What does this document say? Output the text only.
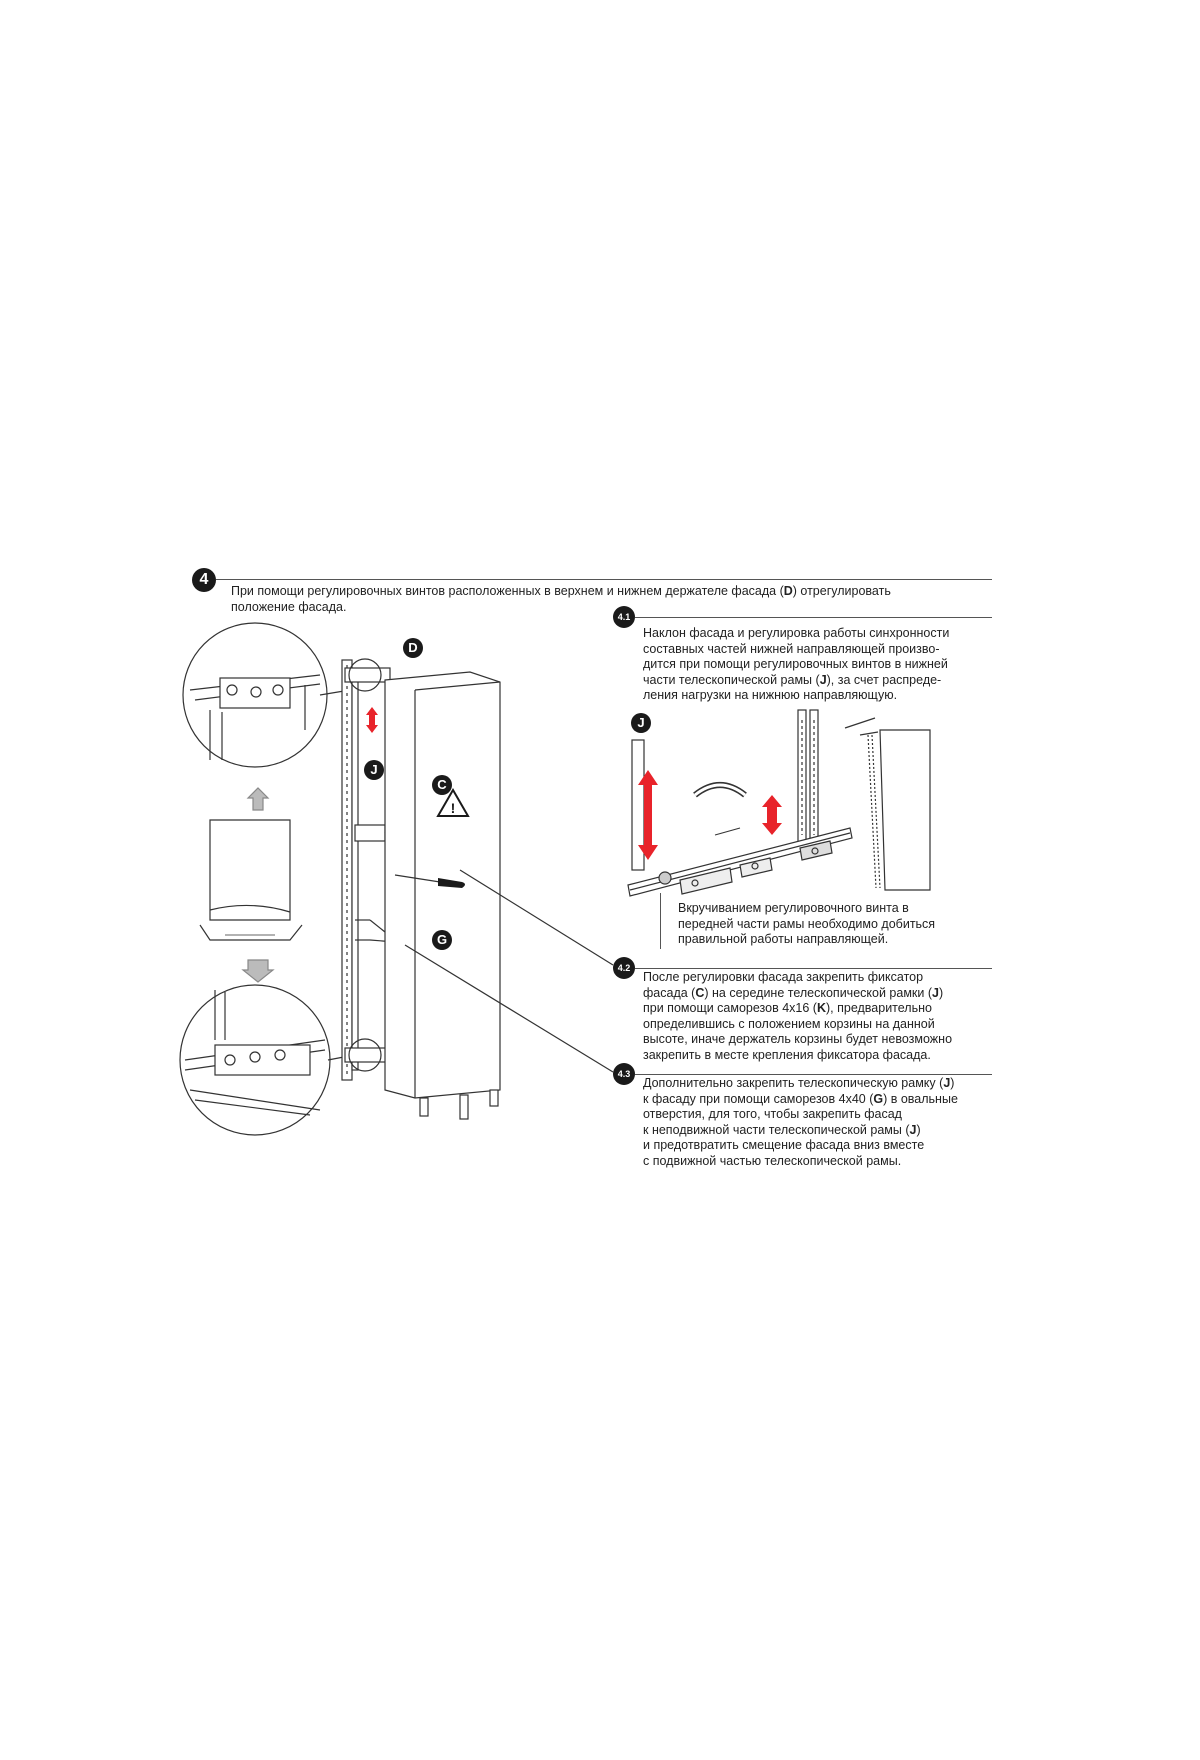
4
При помощи регулировочных винтов расположенных в верхнем и нижнем держателе фасада (D) отрегулировать
положение фасада.
4.1
Наклон фасада и регулировка работы синхронности
составных частей нижней направляющей произво-
дится при помощи регулировочных винтов в нижней
части телескопической рамы (J), за счет распреде-
ления нагрузки на нижнюю направляющую.
J
Вкручиванием регулировочного винта в
передней части рамы необходимо добиться
правильной работы направляющей.
4.2
После регулировки фасада закрепить фиксатор
фасада (C) на середине телескопической рамки (J)
при помощи саморезов 4x16 (K), предварительно
определившись с положением корзины на данной
высоте, иначе держатель корзины будет невозможно
закрепить в месте крепления фиксатора фасада.
4.3
Дополнительно закрепить телескопическую рамку (J)
к фасаду при помощи саморезов 4x40 (G) в овальные
отверстия, для того, чтобы закрепить фасад
к неподвижной части телескопической рамы (J)
и предотвратить смещение фасада вниз вместе
с подвижной частью телескопической рамы.
!
D
J
C
G
